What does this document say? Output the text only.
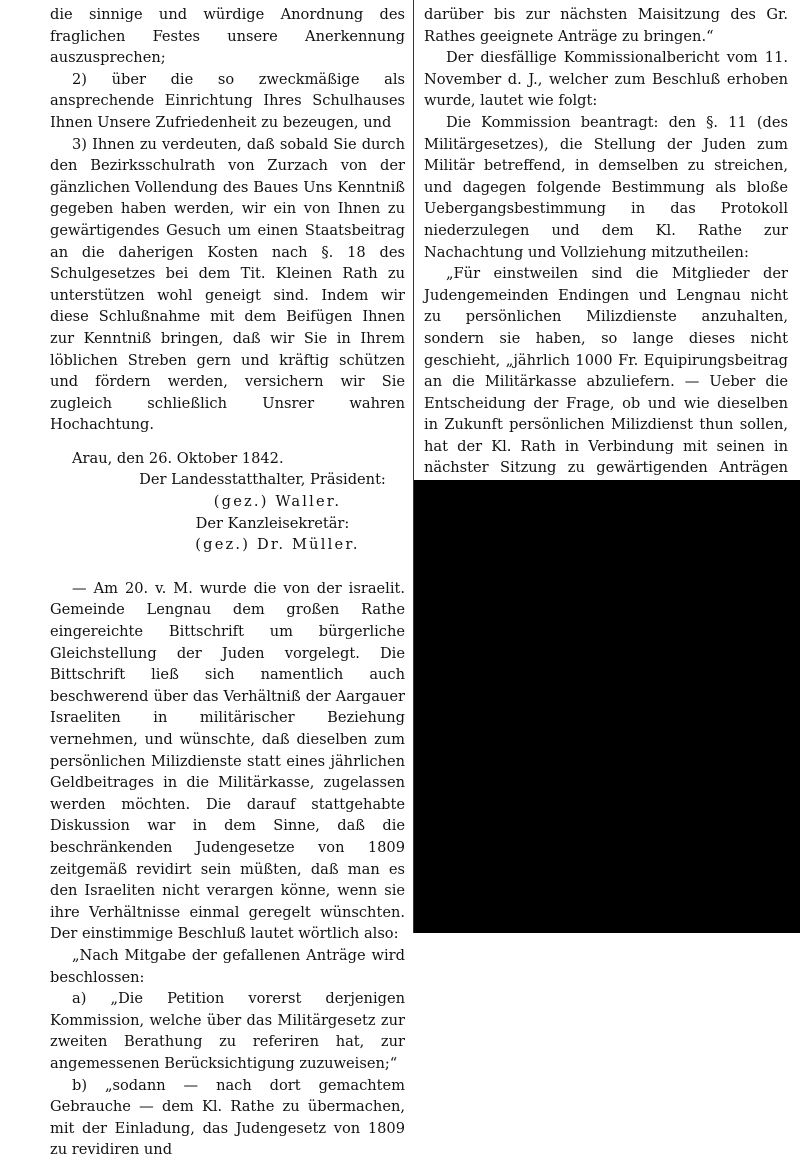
die sinnige und würdige Anordnung des fraglichen Festes unsere Anerkennung auszusprechen;

2) über die so zweckmäßige als ansprechende Einrichtung Ihres Schulhauses Ihnen Unsere Zufriedenheit zu bezeugen, und

3) Ihnen zu verdeuten, daß sobald Sie durch den Bezirksschulrath von Zurzach von der gänzlichen Vollendung des Baues Uns Kenntniß gegeben haben werden, wir ein von Ihnen zu gewärtigendes Gesuch um einen Staatsbeitrag an die daherigen Kosten nach §. 18 des Schulgesetzes bei dem Tit. Kleinen Rath zu unterstützen wohl geneigt sind. Indem wir diese Schlußnahme mit dem Beifügen Ihnen zur Kenntniß bringen, daß wir Sie in Ihrem löblichen Streben gern und kräftig schützen und fördern werden, versichern wir Sie zugleich schließlich Unsrer wahren Hochachtung.

Arau, den 26. Oktober 1842.

Der Landesstatthalter, Präsident:

(gez.) Waller.

Der Kanzleisekretär:

(gez.) Dr. Müller.

— Am 20. v. M. wurde die von der israelit. Gemeinde Lengnau dem großen Rathe eingereichte Bittschrift um bürgerliche Gleichstellung der Juden vorgelegt. Die Bittschrift ließ sich namentlich auch beschwerend über das Verhältniß der Aargauer Israeliten in militärischer Beziehung vernehmen, und wünschte, daß dieselben zum persönlichen Milizdienste statt eines jährlichen Geldbeitrages in die Militärkasse, zugelassen werden möchten. Die darauf stattgehabte Diskussion war in dem Sinne, daß die beschränkenden Judengesetze von 1809 zeitgemäß revidirt sein müßten, daß man es den Israeliten nicht verargen könne, wenn sie ihre Verhältnisse einmal geregelt wünschten. Der einstimmige Beschluß lautet wörtlich also:

„Nach Mitgabe der gefallenen Anträge wird beschlossen:

a) „Die Petition vorerst derjenigen Kommission, welche über das Militärgesetz zur zweiten Berathung zu referiren hat, zur angemessenen Berücksichtigung zuzuweisen;“

b) „sodann — nach dort gemachtem Gebrauche — dem Kl. Rathe zu übermachen, mit der Einladung, das Judengesetz von 1809 zu revidiren und

darüber bis zur nächsten Maisitzung des Gr. Rathes geeignete Anträge zu bringen.“

Der diesfällige Kommissionalbericht vom 11. November d. J., welcher zum Beschluß erhoben wurde, lautet wie folgt:

Die Kommission beantragt: den §. 11 (des Militärgesetzes), die Stellung der Juden zum Militär betreffend, in demselben zu streichen, und dagegen folgende Bestimmung als bloße Uebergangsbestimmung in das Protokoll niederzulegen und dem Kl. Rathe zur Nachachtung und Vollziehung mitzutheilen:

„Für einstweilen sind die Mitglieder der Judengemeinden Endingen und Lengnau nicht zu persönlichen Milizdienste anzuhalten, sondern sie haben, so lange dieses nicht geschieht, „jährlich 1000 Fr. Equipirungsbeitrag an die Militärkasse abzuliefern. — Ueber die Entscheidung der Frage, ob und wie dieselben in Zukunft persönlichen Milizdienst thun sollen, hat der Kl. Rath in Verbindung mit seinen in nächster Sitzung zu gewärtigenden Anträgen
